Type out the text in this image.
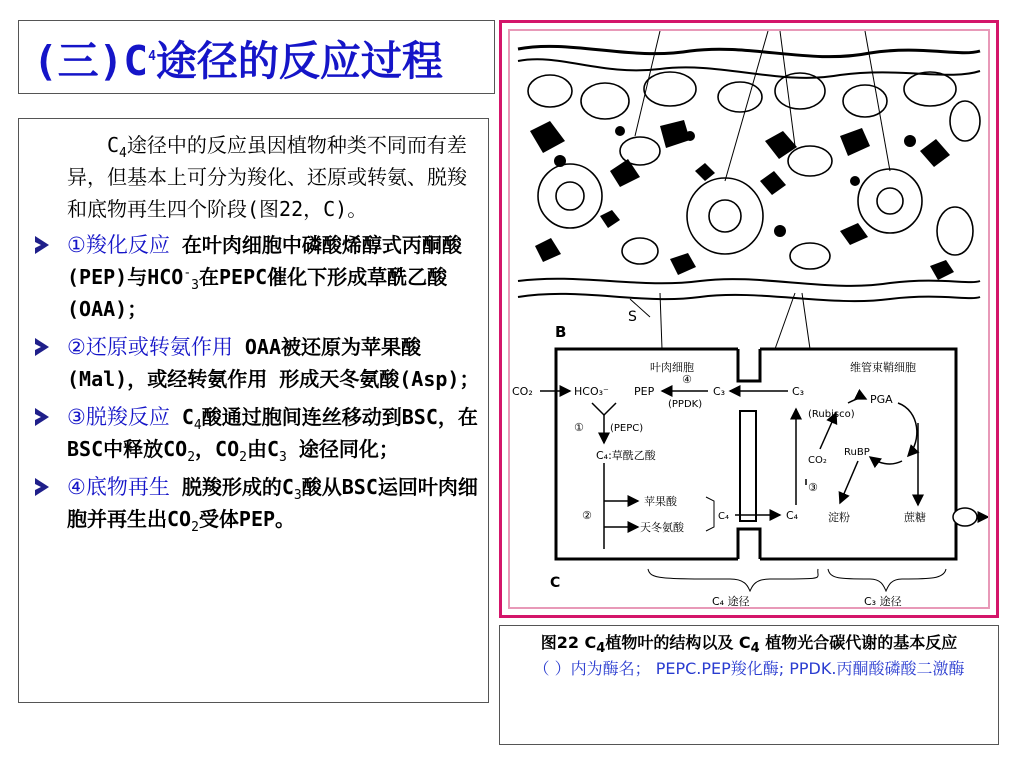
(三)C 4 途径的反应过程

$C_4$途径中的反应虽因植物种类不同而有差异，但基本上可分为羧化、还原或转氨、脱羧和底物再生四个阶段(图22，C)。

①羧化反应 在叶肉细胞中磷酸烯醇式丙酮酸(PEP)与$HCO^-_3$在PEPC催化下形成草酰乙酸(OAA)；
②还原或转氨作用 OAA被还原为苹果酸(Mal)，或经转氨作用 形成天冬氨酸(Asp)；
③脱羧反应 $C_4$酸通过胞间连丝移动到BSC，在BSC中释放$CO_2$，$CO_2$由$C_3$ 途径同化；
④底物再生 脱羧形成的$C_3$酸从BSC运回叶肉细胞并再生出$CO_2$受体PEP。
B
S
叶肉细胞	维管束鞘细胞
CO₂	HCO₃⁻ PEP	C₃	C₃
④
(PPDK)
①	(PEPC)
C₄:草酰乙酸
②
苹果酸
天冬氨酸
C₄	C₄
③
CO₂
(Rubisco)
PGA
RuBP
淀粉	蔗糖
C
C₄ 途径	C₃ 途径
图22 $C_4$植物叶的结构以及 $C_4$ 植物光合碳代谢的基本反应
（ ）内为酶名； PEPC.PEP羧化酶; PPDK.丙酮酸磷酸二激酶
